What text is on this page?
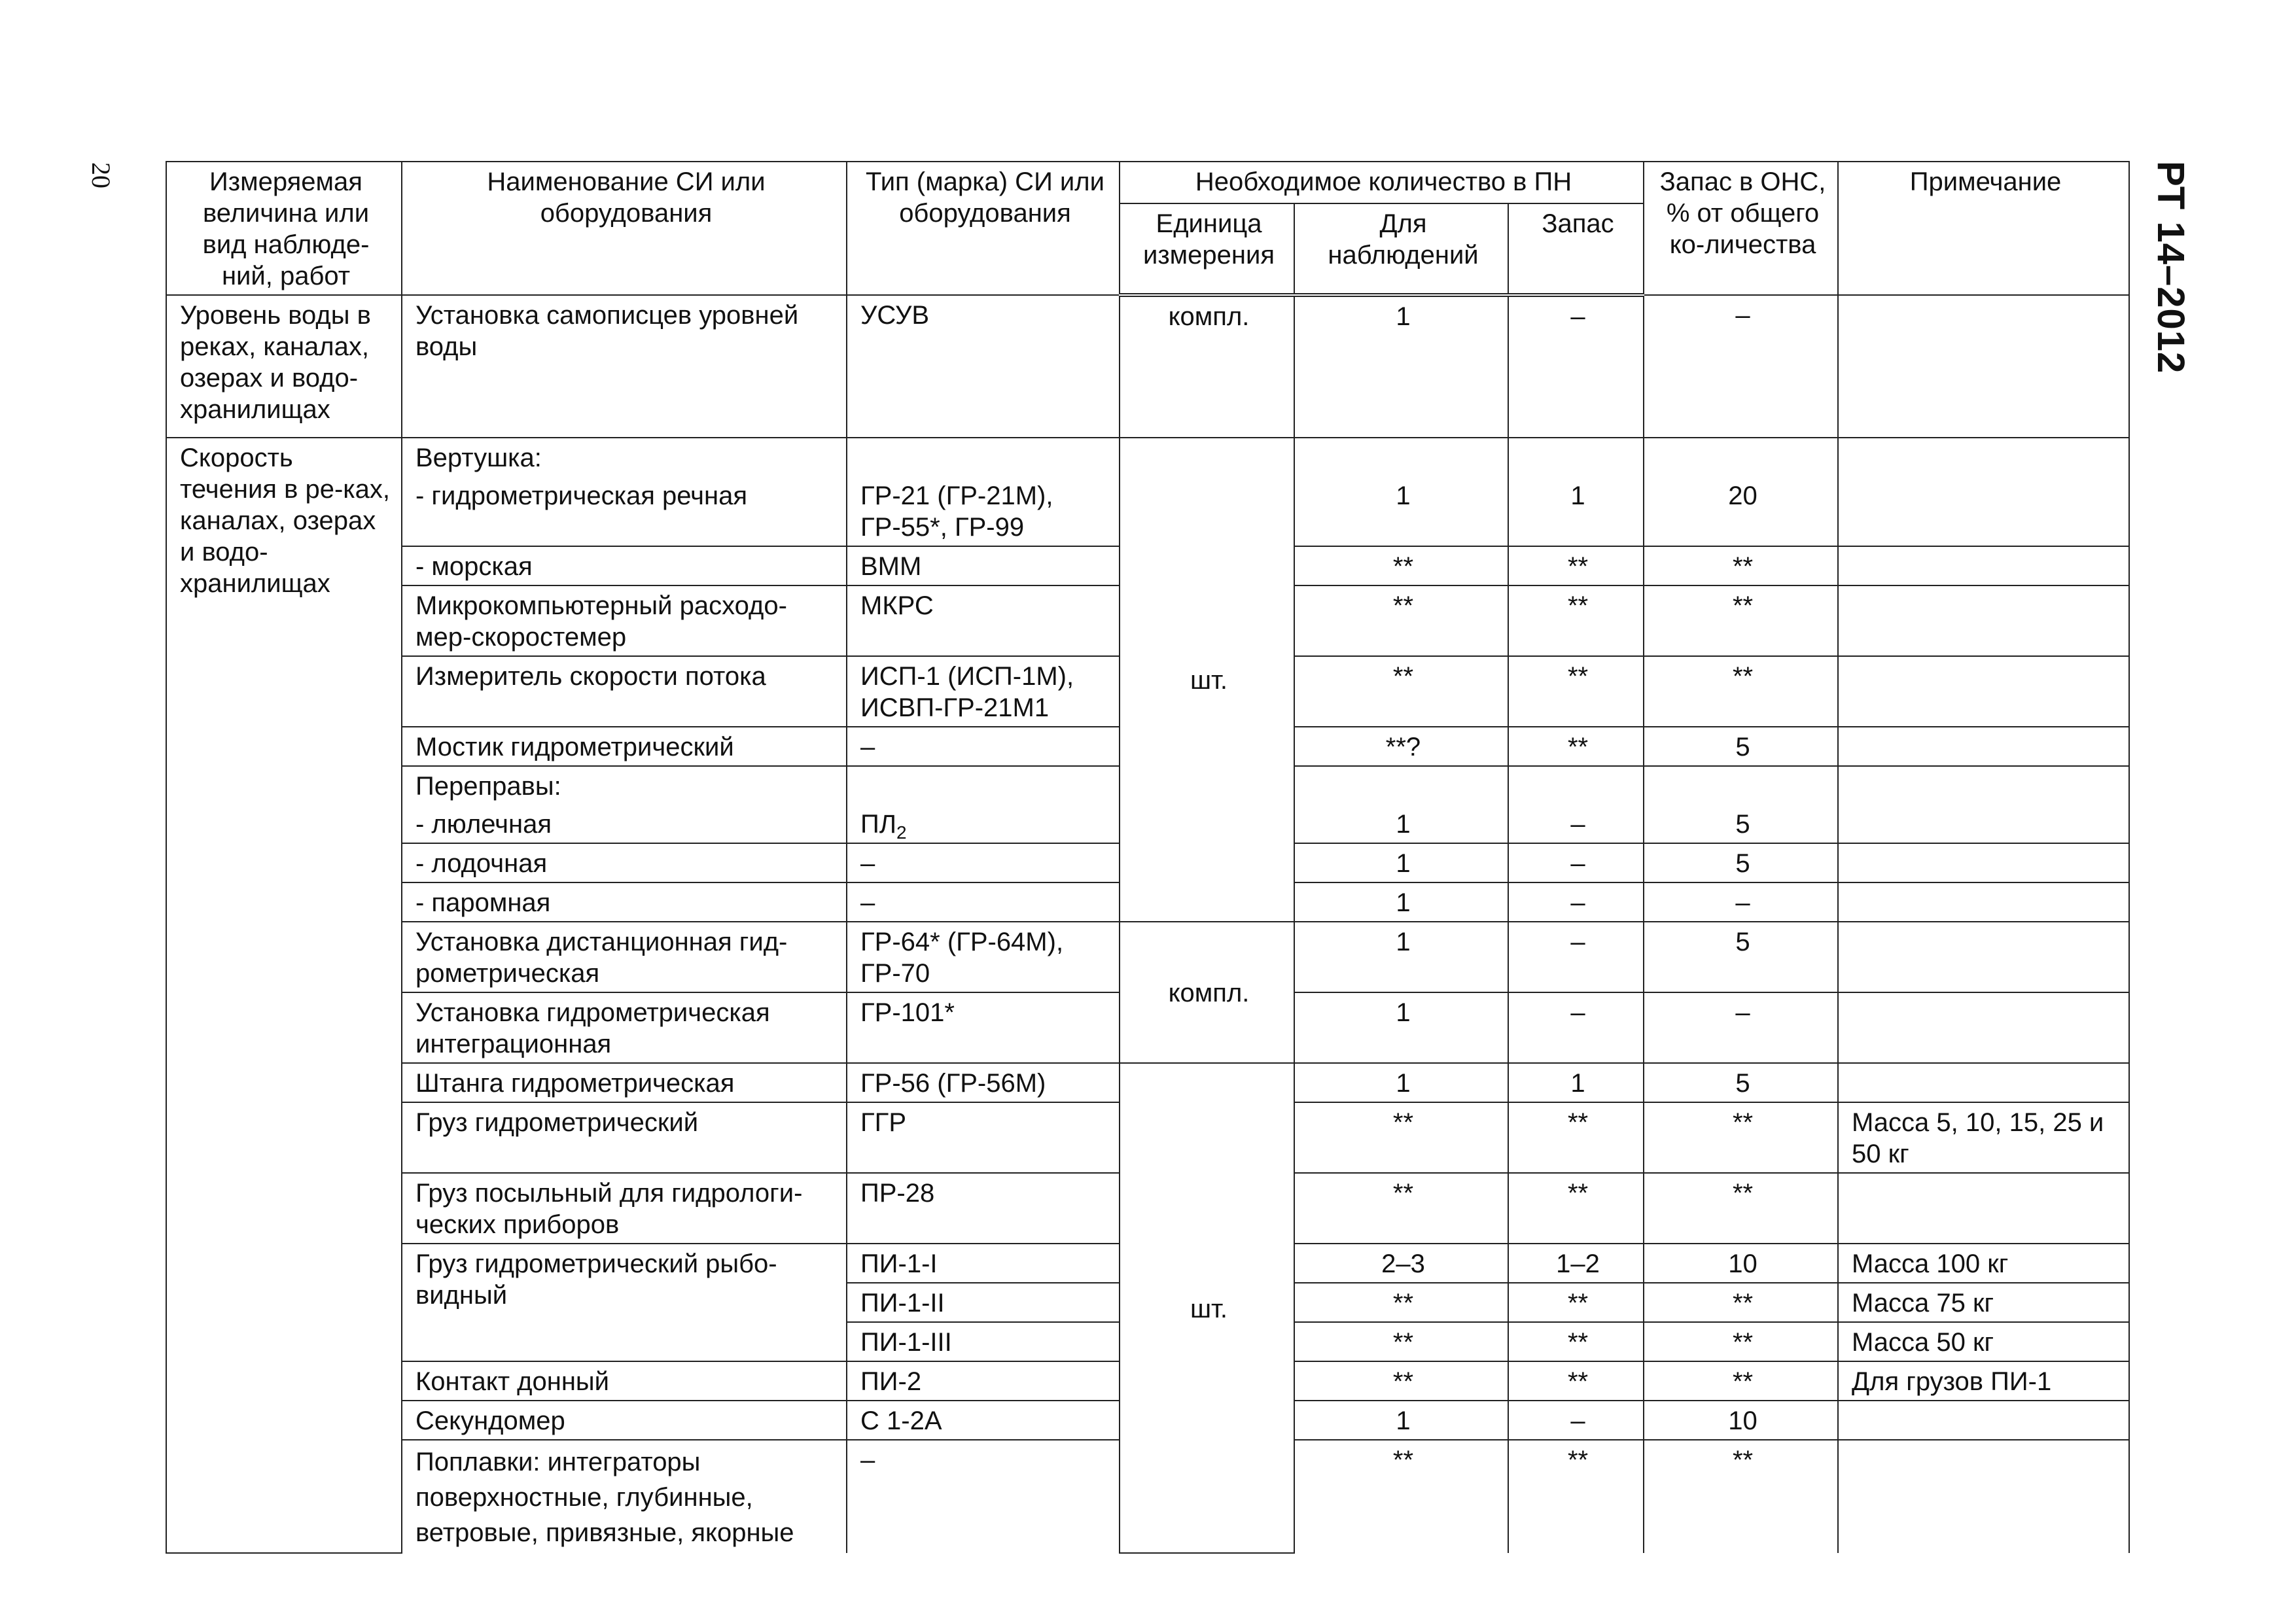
20	РТ 14–2012
Измеряемая величина или вид наблюде-ний, работ	Наименование СИ или оборудования	Тип (марка) СИ или оборудования	Необходимое количество в ПН			Запас в ОНС, % от общего ко-личества	Примечание
			Единица измерения	Для наблюдений	Запас		
Уровень воды в реках, каналах, озерах и водо-хранилищах	Установка самописцев уровней воды	УСУВ	компл.	1	–	–	
Скорость течения в ре-ках, каналах, озерах и водо-хранилищах	Вертушка:		шт.				
	- гидрометрическая речная	ГР-21 (ГР-21М), ГР-55*, ГР-99		1	1	20	
	- морская	ВММ		**	**	**	
	Микрокомпьютерный расходо-мер-скоростемер	МКРС		**	**	**	
	Измеритель скорости потока	ИСП-1 (ИСП-1М), ИСВП-ГР-21М1		**	**	**	
	Мостик гидрометрический	–		**?	**	5	
	Переправы:						
	- люлечная	$ПЛ_2$		1	–	5	
	- лодочная	–		1	–	5	
	- паромная	–		1	–	–	
	Установка дистанционная гид-рометрическая	ГР-64* (ГР-64М), ГР-70	компл.	1	–	5	
	Установка гидрометрическая интеграционная	ГР-101*		1	–	–	
	Штанга гидрометрическая	ГР-56 (ГР-56М)	шт.	1	1	5	
	Груз гидрометрический	ГГР		**	**	**	Масса 5, 10, 15, 25 и 50 кг
	Груз посыльный для гидрологи-ческих приборов	ПР-28		**	**	**	
	Груз гидрометрический рыбо-видный	ПИ-1-I		2–3	1–2	10	Масса 100 кг
		ПИ-1-II		**	**	**	Масса 75 кг
		ПИ-1-III		**	**	**	Масса 50 кг
	Контакт донный	ПИ-2		**	**	**	Для грузов ПИ-1
	Секундомер	С 1-2А		1	–	10	
	Поплавки: интеграторы поверхностные, глубинные, ветровые, привязные, якорные	–		**	**	**	
